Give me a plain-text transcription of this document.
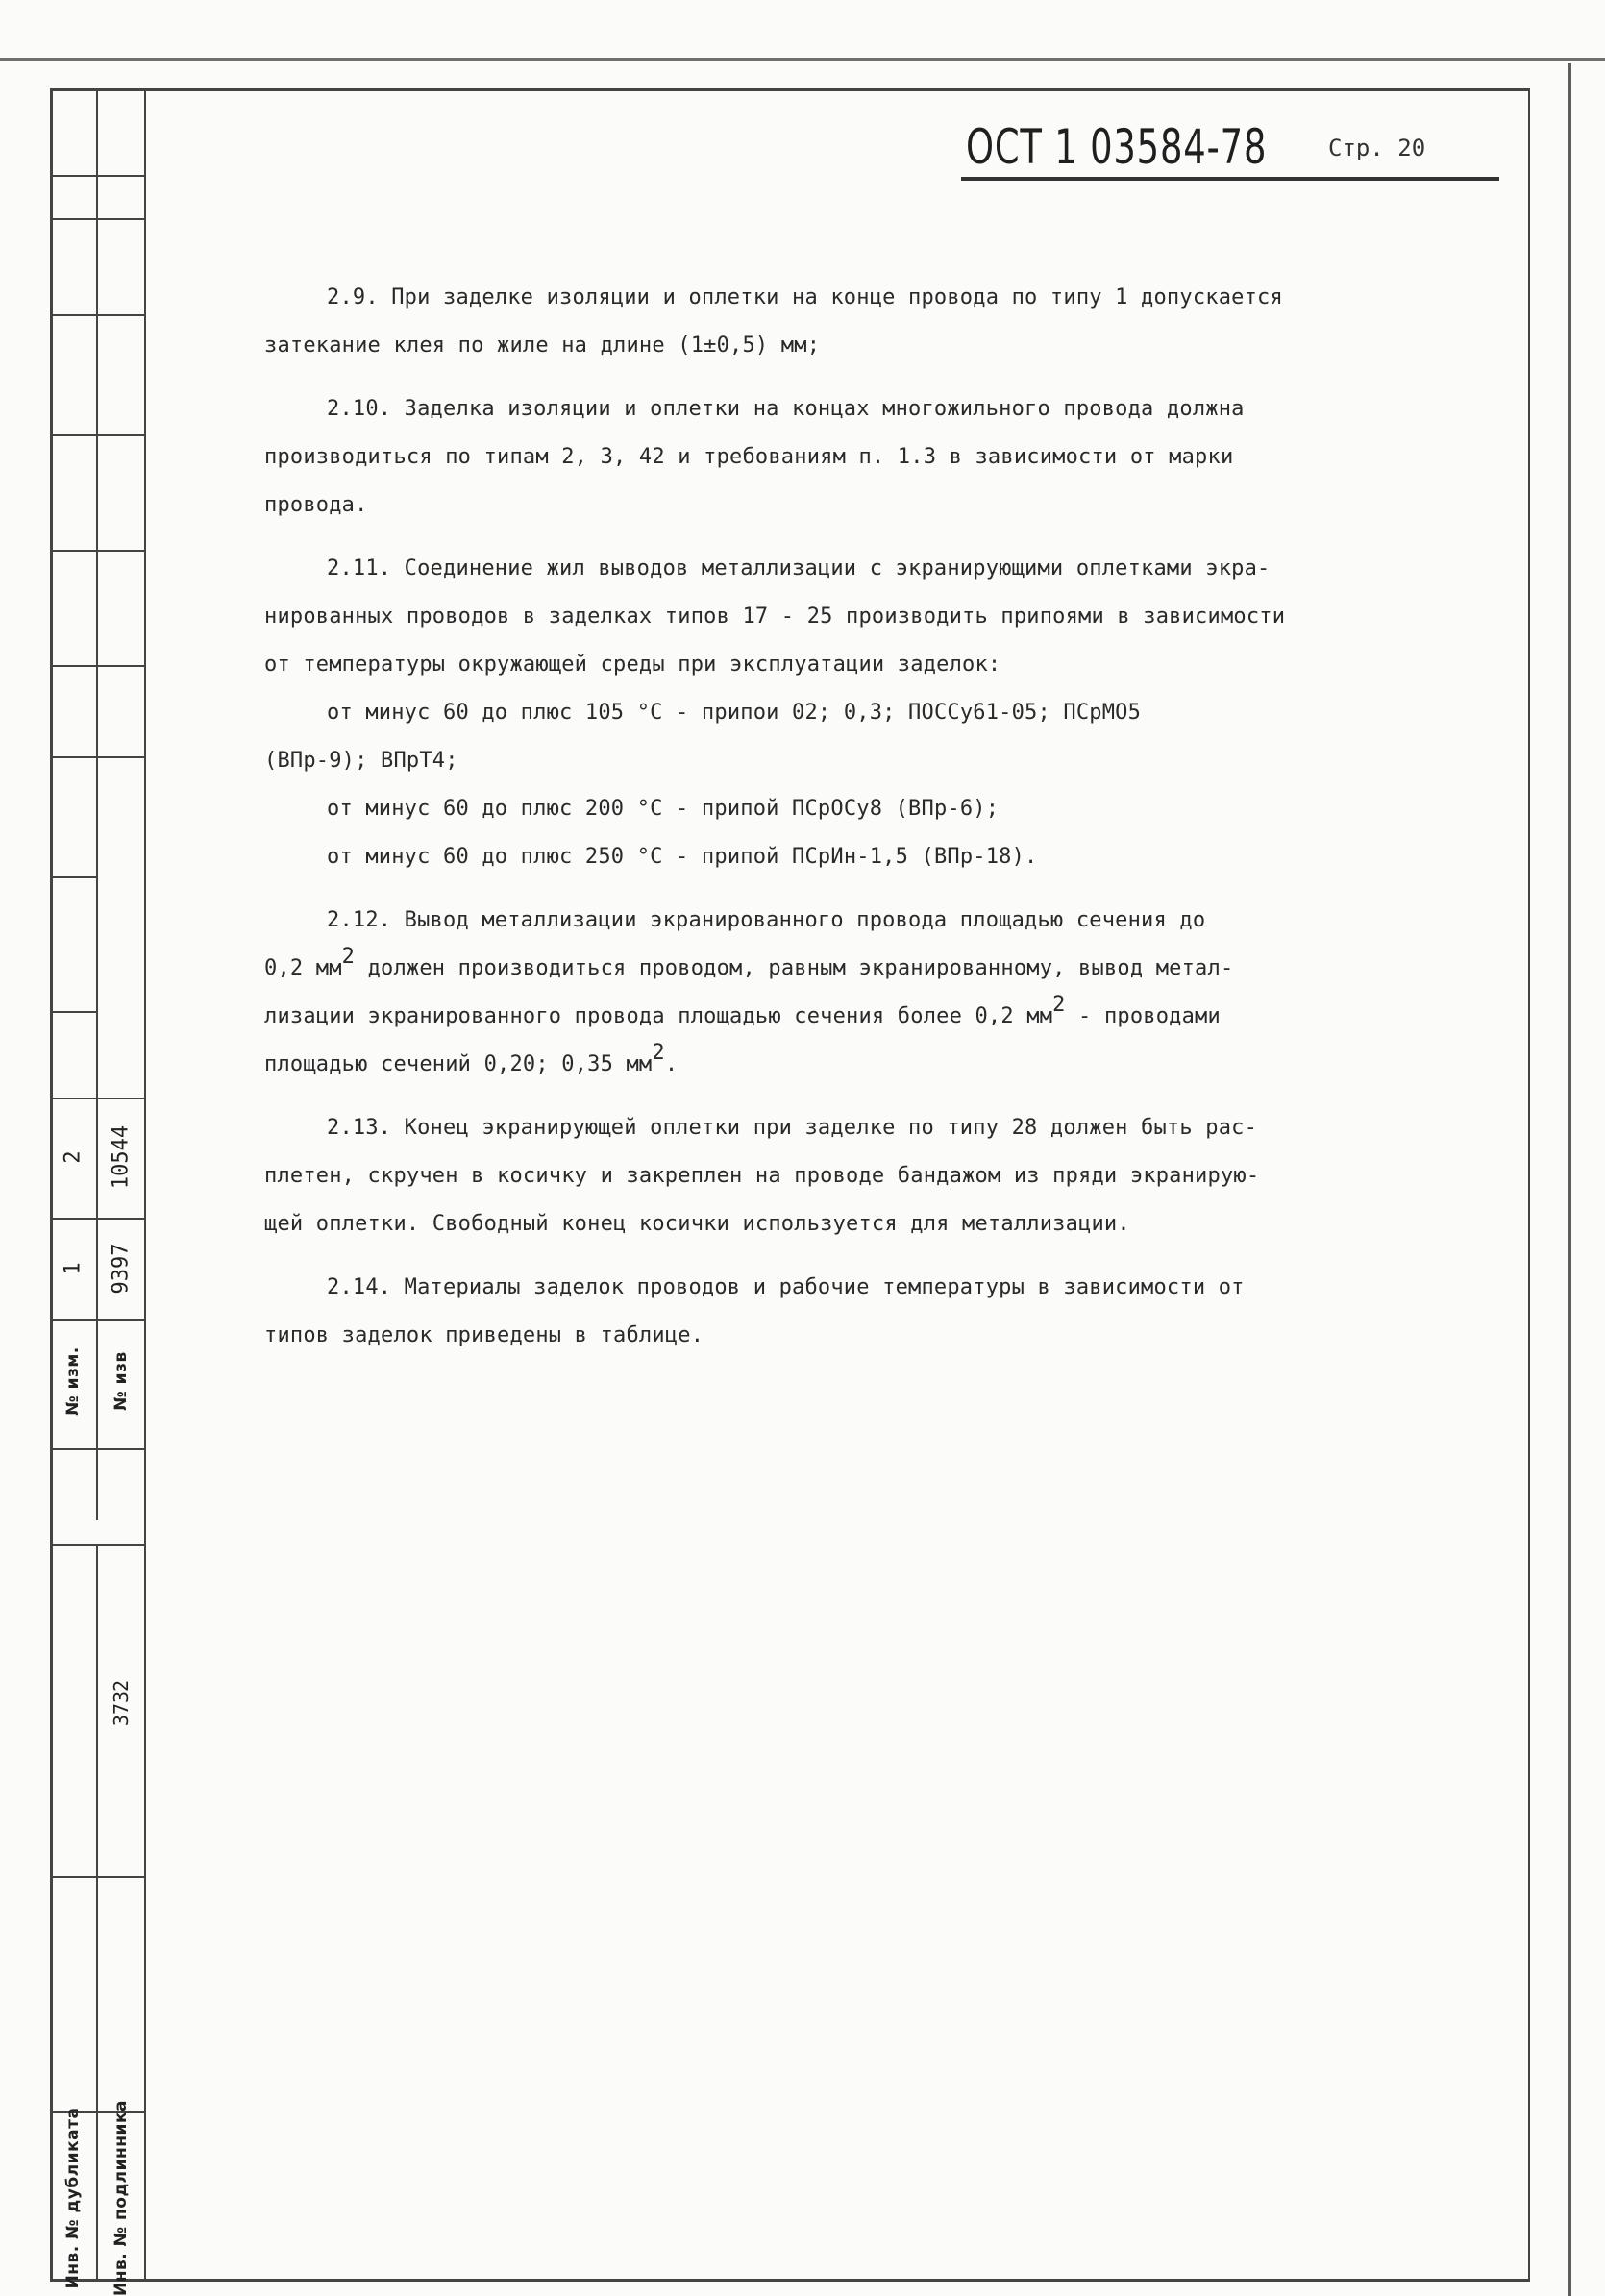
№ изм. № изв
1 9397
2 10544
3732
Инв. № дубликата Инв. № подлинника
ОСТ 1 03584-78	Стр. 20

2.9. При заделке изоляции и оплетки на конце провода по типу 1 допускается
затекание клея по жиле на длине (1±0,5) мм;

2.10. Заделка изоляции и оплетки на концах многожильного провода должна
производиться по типам 2, 3, 42 и требованиям п. 1.3 в зависимости от марки
провода.

2.11. Соединение жил выводов металлизации с экранирующими оплетками экра-
нированных проводов в заделках типов 17 - 25 производить припоями в зависимости
от температуры окружающей среды при эксплуатации заделок:
от минус 60 до плюс 105 °С - припои 02; 0,3; ПОССу61-05; ПСрМО5
(ВПр-9); ВПрТ4;
от минус 60 до плюс 200 °С - припой ПСрОСу8 (ВПр-6);
от минус 60 до плюс 250 °С - припой ПСрИн-1,5 (ВПр-18).

2.12. Вывод металлизации экранированного провода площадью сечения до
0,2 $мм^2$ должен производиться проводом, равным экранированному, вывод метал-
лизации экранированного провода площадью сечения более 0,2 $мм^2$ - проводами
площадью сечений 0,20; 0,35 $мм^2$.

2.13. Конец экранирующей оплетки при заделке по типу 28 должен быть рас-
плетен, скручен в косичку и закреплен на проводе бандажом из пряди экранирую-
щей оплетки. Свободный конец косички используется для металлизации.

2.14. Материалы заделок проводов и рабочие температуры в зависимости от
типов заделок приведены в таблице.
